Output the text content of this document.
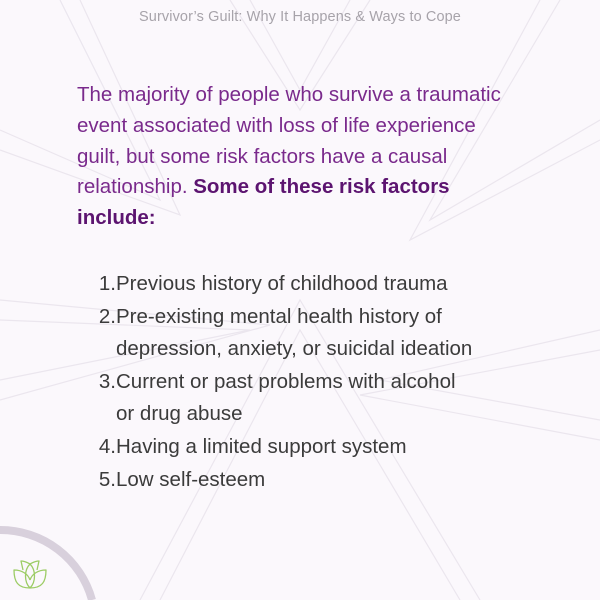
Survivor’s Guilt: Why It Happens & Ways to Cope
The majority of people who survive a traumatic
event associated with loss of life experience
guilt, but some risk factors have a causal
relationship. Some of these risk factors
include:
1. Previous history of childhood trauma
2. Pre-existing mental health history of
depression, anxiety, or suicidal ideation
3. Current or past problems with alcohol
or drug abuse
4. Having a limited support system
5. Low self-esteem
